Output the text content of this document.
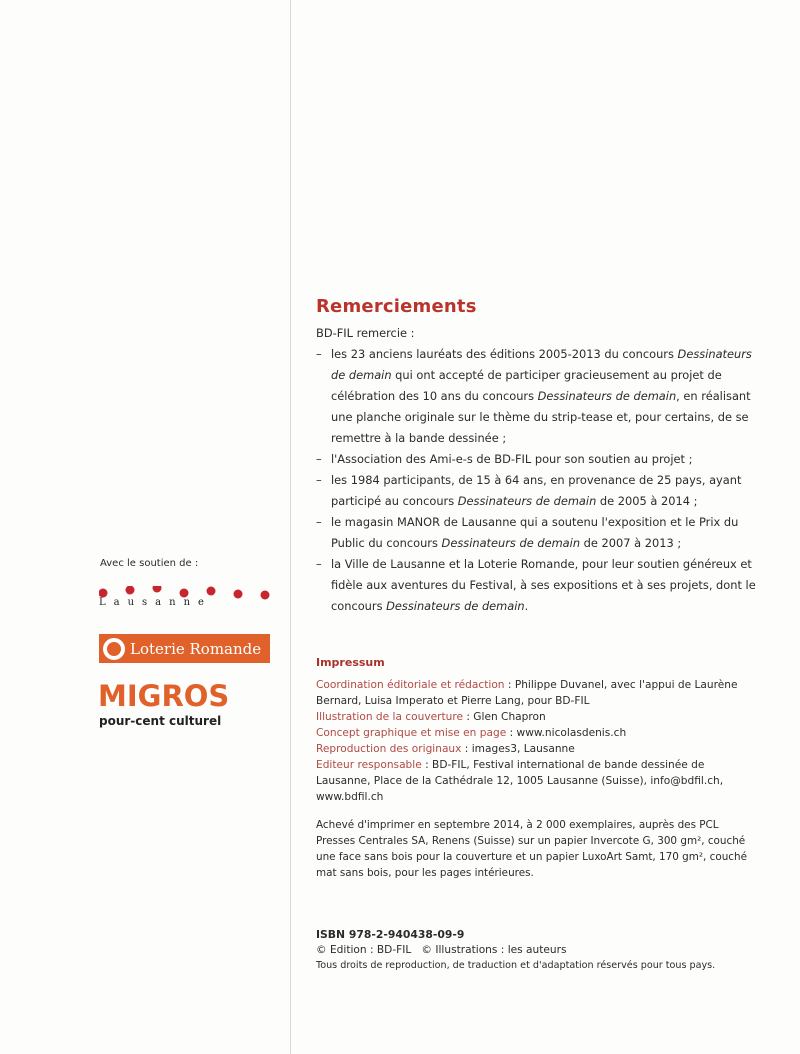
Avec le soutien de :
Lausanne
Loterie Romande
MIGROS
pour-cent culturel
Remerciements
BD-FIL remercie :
– les 23 anciens lauréats des éditions 2005-2013 du concours Dessinateurs de demain qui ont accepté de participer gracieusement au projet de célébration des 10 ans du concours Dessinateurs de demain, en réalisant une planche originale sur le thème du strip-tease et, pour certains, de se remettre à la bande dessinée ;
– l'Association des Ami-e-s de BD-FIL pour son soutien au projet ;
– les 1984 participants, de 15 à 64 ans, en provenance de 25 pays, ayant participé au concours Dessinateurs de demain de 2005 à 2014 ;
– le magasin MANOR de Lausanne qui a soutenu l'exposition et le Prix du Public du concours Dessinateurs de demain de 2007 à 2013 ;
– la Ville de Lausanne et la Loterie Romande, pour leur soutien généreux et fidèle aux aventures du Festival, à ses expositions et à ses projets, dont le concours Dessinateurs de demain.
Impressum
Coordination éditoriale et rédaction : Philippe Duvanel, avec l'appui de Laurène Bernard, Luisa Imperato et Pierre Lang, pour BD-FIL
Illustration de la couverture : Glen Chapron
Concept graphique et mise en page : www.nicolasdenis.ch
Reproduction des originaux : images3, Lausanne
Editeur responsable : BD-FIL, Festival international de bande dessinée de Lausanne, Place de la Cathédrale 12, 1005 Lausanne (Suisse), info@bdfil.ch, www.bdfil.ch
Achevé d'imprimer en septembre 2014, à 2 000 exemplaires, auprès des PCL Presses Centrales SA, Renens (Suisse) sur un papier Invercote G, 300 gm², couché une face sans bois pour la couverture et un papier LuxoArt Samt, 170 gm², couché mat sans bois, pour les pages intérieures.
ISBN 978-2-940438-09-9
© Edition : BD-FIL   © Illustrations : les auteurs
Tous droits de reproduction, de traduction et d'adaptation réservés pour tous pays.
